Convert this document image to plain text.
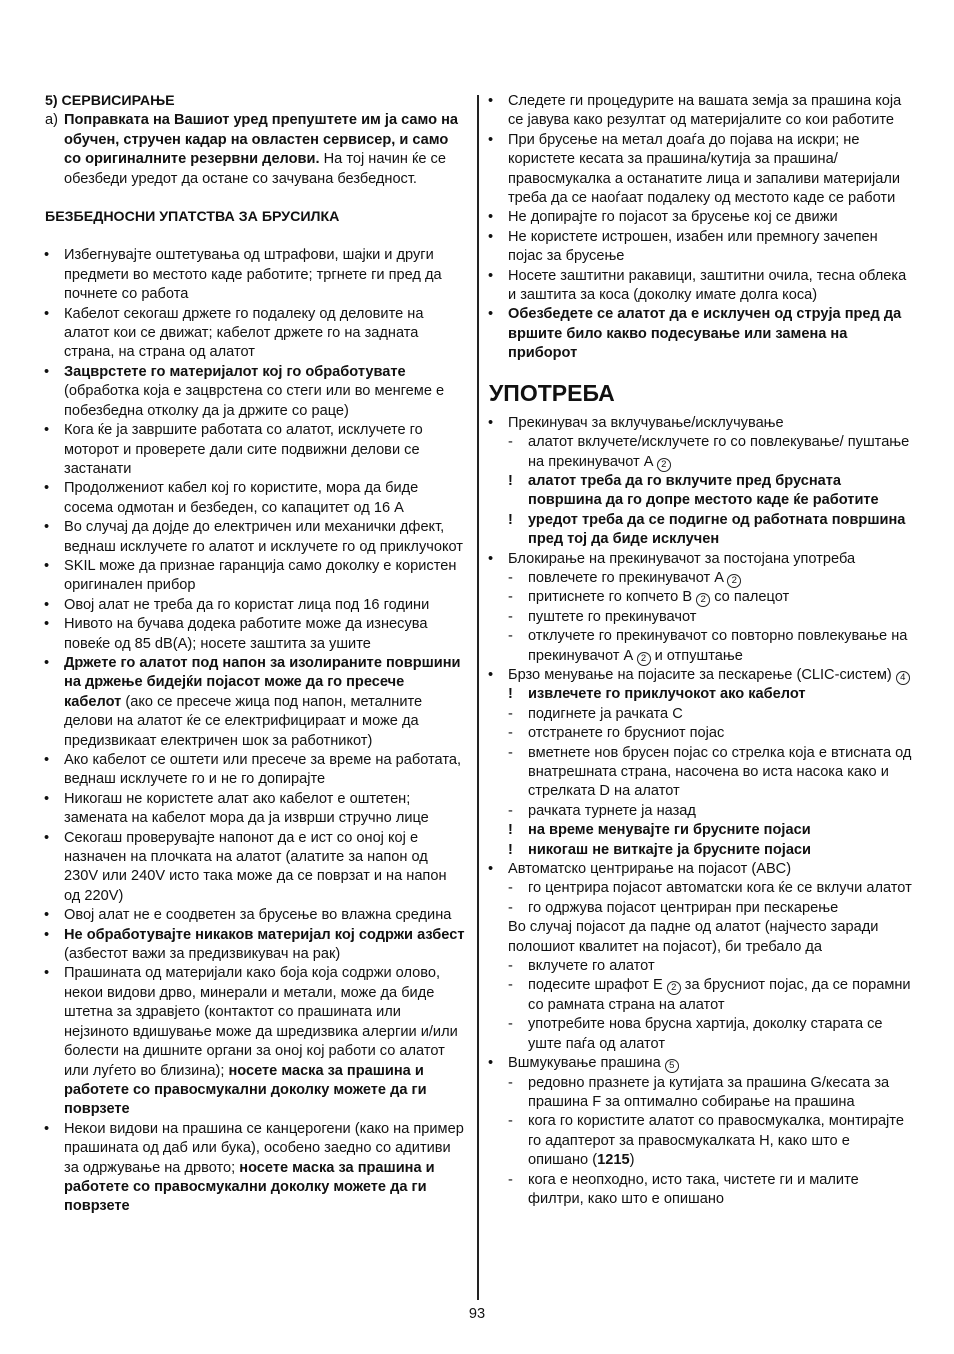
5) СЕРВИСИРАЊЕ

a) Поправката на Вашиот уред препуштете им ја само на обучен, стручен кадар на овластен сервисер, и само со оригиналните резервни делови. На тој начин ќе се обезбеди уредот да остане со зачувана безбедност.

БЕЗБЕДНОСНИ УПАТСТВА ЗА БРУСИЛКА

• Избегнувајте оштетувања од штрафови, шајки и други предмети во местото каде работите; тргнете ги пред да почнете со работа
• Кабелот секогаш држете го подалеку од деловите на алатот кои се движат; кабелот држете го на задната страна, на страна од алатот
• Зацврстете го материјалот кој го обработувате (обработка која е зацврстена со стеги или во менгеме е побезбедна отколку да ја држите со раце)
• Кога ќе ја завршите работата со алатот, исклучете го моторот и проверете дали сите подвижни делови се застанати
• Продолжениот кабел кој го користите, мора да биде сосема одмотан и безбеден, со капацитет од 16 A
• Во случај да дојде до електричен или механички дфект, веднаш исклучете го алатот и исклучете го од приклучокот
• SKIL може да признае гаранција само доколку е користен оригинален прибор
• Овој алат не треба да го користат лица под 16 години
• Нивото на бучава додека работите може да изнесува повеќе од 85 dB(A); носете заштита за ушите
• Држете го алатот под напон за изолираните површини на држење бидејќи појасот може да го пресече кабелот (ако се пресече жица под напон, металните делови на алатот ќе се електрифицираат и може да предизвикаат електричен шок за работникот)
• Ако кабелот се оштети или пресече за време на работата, веднаш исклучете го и не го допирајте
• Никогаш не користете алат ако кабелот е оштетен; замената на кабелот мора да ја изврши стручно лице
• Секогаш проверувајте напонот да е ист со оној кој е назначен на плочката на алатот (алатите за напон од 230V или 240V исто така може да се поврзат и на напон од 220V)
• Овој алат не е соодветен за брусење во влажна средина
• Не обработувајте никаков материјал кој содржи азбест (азбестот важи за предизвикувач на рак)
• Прашината од материјали како боја која содржи олово, некои видови дрво, минерали и метали, може да биде штетна за здравјето (контактот со прашината или нејзиното вдишување може да шредизвика алергии и/или болести на дишните органи за оној кој работи со алатот или луѓето во близина); носете маска за прашина и работете со правосмукални доколку можете да ги поврзете
• Некои видови на прашина се канцерогени (како на пример прашината од даб или бука), особено заедно со адитиви за одржување на дрвото; носете маска за прашина и работете со правосмукални доколку можете да ги поврзете
• Следете ги процедурите на вашата земја за прашина која се јавува како резултат од материјалите со кои работите
• При брусење на метал доаѓа до појава на искри; не користете кесата за прашина/кутија за прашина/ правосмукалка а останатите лица и запаливи материјали треба да се наоѓаат подалеку од местото каде се работи
• Не допирајте го појасот за брусење кој се движи
• Не користете истрошен, изабен или премногу зачепен појас за брусење
• Носете заштитни ракавици, заштитни очила, тесна облека и заштита за коса (доколку имате долга коса)
• Обезбедете се алатот да е исклучен од струја пред да вршите било какво подесување или замена на приборот
УПОТРЕБА
• Прекинувач за вклучување/исклучување
- алатот вклучете/исклучете го со повлекување/ пуштање на прекинувачот A 2
! алатот треба да го вклучите пред брусната површина да го допре местото каде ќе работите
! уредот треба да се подигне од работната површина пред тој да биде исклучен
• Блокирање на прекинувачот за постојана употреба
- повлечете го прекинувачот A 2
- притиснете го копчето B 2 со палецот
- пуштете го прекинувачот
- отклучете го прекинувачот со повторно повлекување на прекинувачот A 2 и отпуштање
• Брзо менување на појасите за пескарење (CLIC-систем) 4
! извлечете го приклучокот ако кабелот
- подигнете ја рачката C
- отстранете го брусниот појас
- вметнете нов брусен појас со стрелка која е втисната од внатрешната страна, насочена во иста насока како и стрелката D на алатот
- рачката турнете ја назад
! на време менувајте ги брусните појаси
! никогаш не виткајте ја брусните појаси
• Автоматско центрирање на појасот (ABC)
- го центрира појасот автоматски кога ќе се вклучи алатот
- го одржува појасот центриран при пескарење

Во случај појасот да падне од алатот (најчесто заради полошиот квалитет на појасот), би требало да

- вклучете го алатот
- подесите шрафот E 2 за брусниот појас, да се порамни со рамната страна на алатот
- употребите нова брусна хартија, доколку старата се уште паѓа од алатот
• Вшмукување прашина 5
- редовно празнете ја кутијата за прашина G/кесата за прашина F за оптимално собирање на прашина
- кога го користите алатот со правосмукалка, монтирајте го адаптерот за правосмукалката H, како што е опишано (1215)
- кога е неопходно, исто така, чистете ги и малите филтри, како што е опишано
93
